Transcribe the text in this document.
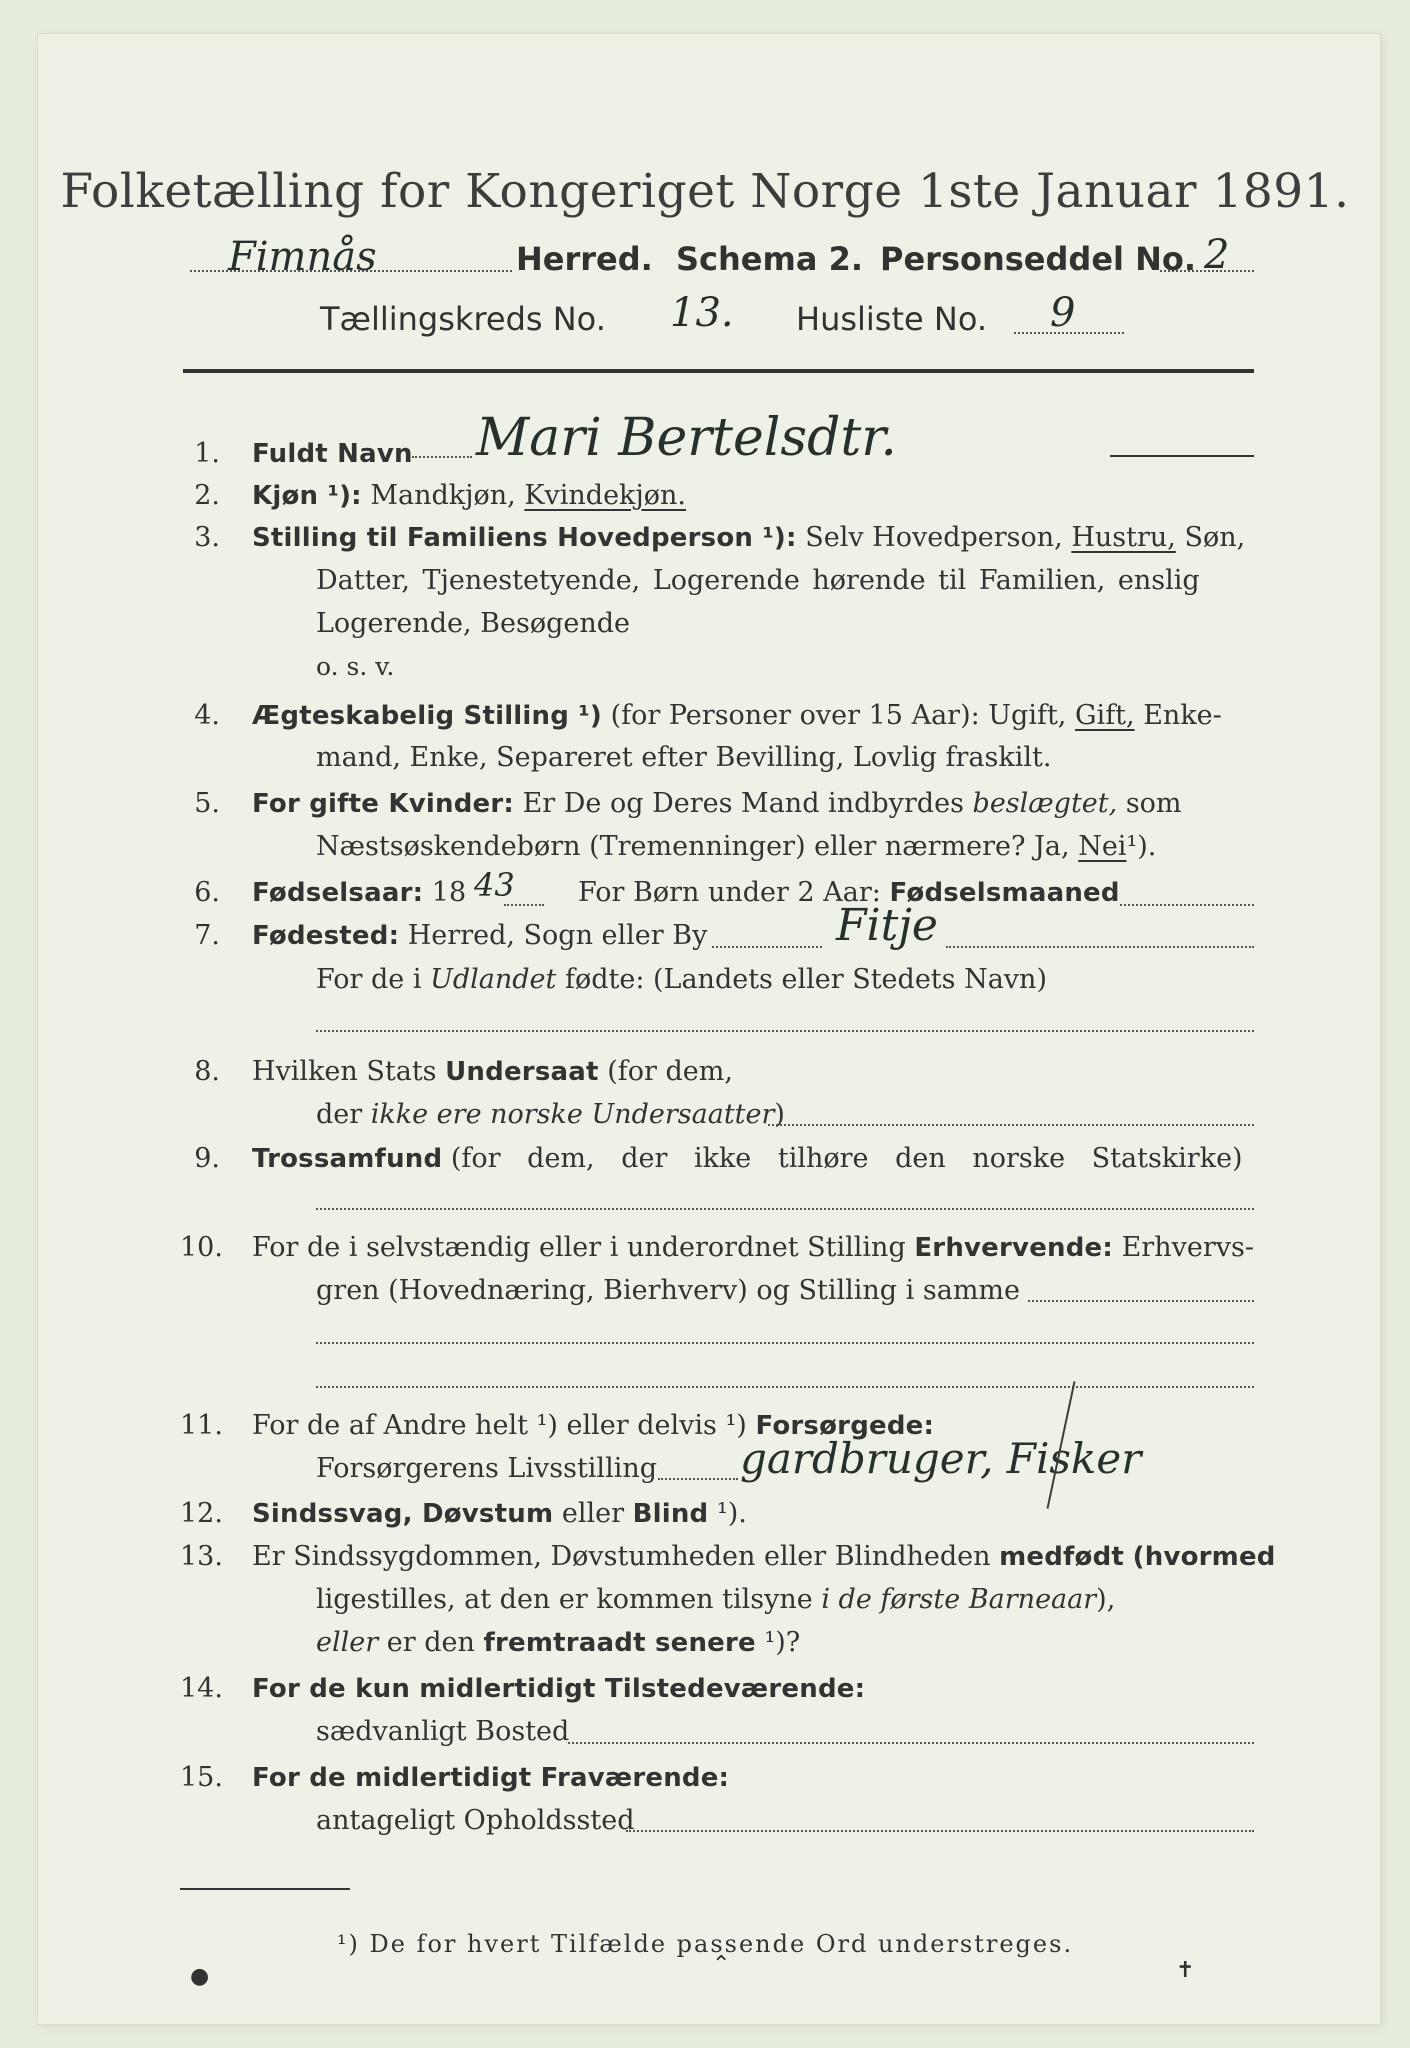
Folketælling for Kongeriget Norge 1ste Januar 1891.
Fimnås	Herred. Schema 2. Personseddel No. 2
Tællingskreds No. 13. Husliste No. 9
1. Fuldt Navn Mari Bertelsdtr.
2. Kjøn ¹): Mandkjøn, Kvindekjøn.
3. Stilling til Familiens Hovedperson ¹): Selv Hovedperson, Hustru, Søn,
Datter, Tjenestetyende, Logerende hørende til Familien, enslig
Logerende, Besøgende
o. s. v.
4. Ægteskabelig Stilling ¹) (for Personer over 15 Aar): Ugift, Gift, Enke-
mand, Enke, Separeret efter Bevilling, Lovlig fraskilt.
5. For gifte Kvinder: Er De og Deres Mand indbyrdes beslægtet, som
Næstsøskendebørn (Tremenninger) eller nærmere? Ja, Nei¹).
6. Fødselsaar: 18 43 For Børn under 2 Aar: Fødselsmaaned
7. Fødested: Herred, Sogn eller By	Fitje
For de i Udlandet fødte: (Landets eller Stedets Navn)
8. Hvilken Stats Undersaat (for dem,
der ikke ere norske Undersaatter)
9. Trossamfund (for dem, der ikke tilhøre den norske Statskirke)
10. For de i selvstændig eller i underordnet Stilling Erhvervende: Erhvervs-
gren (Hovednæring, Bierhverv) og Stilling i samme
11. For de af Andre helt ¹) eller delvis ¹) Forsørgede:
Forsørgerens Livsstilling gardbruger, Fisker
12. Sindssvag, Døvstum eller Blind ¹).
13. Er Sindssygdommen, Døvstumheden eller Blindheden medfødt (hvormed
ligestilles, at den er kommen tilsyne i de første Barneaar),
eller er den fremtraadt senere ¹)?
14. For de kun midlertidigt Tilstedeværende:
sædvanligt Bosted
15. For de midlertidigt Fraværende:
antageligt Opholdssted
¹) De for hvert Tilfælde passende Ord understreges.
●	⌃	✝
